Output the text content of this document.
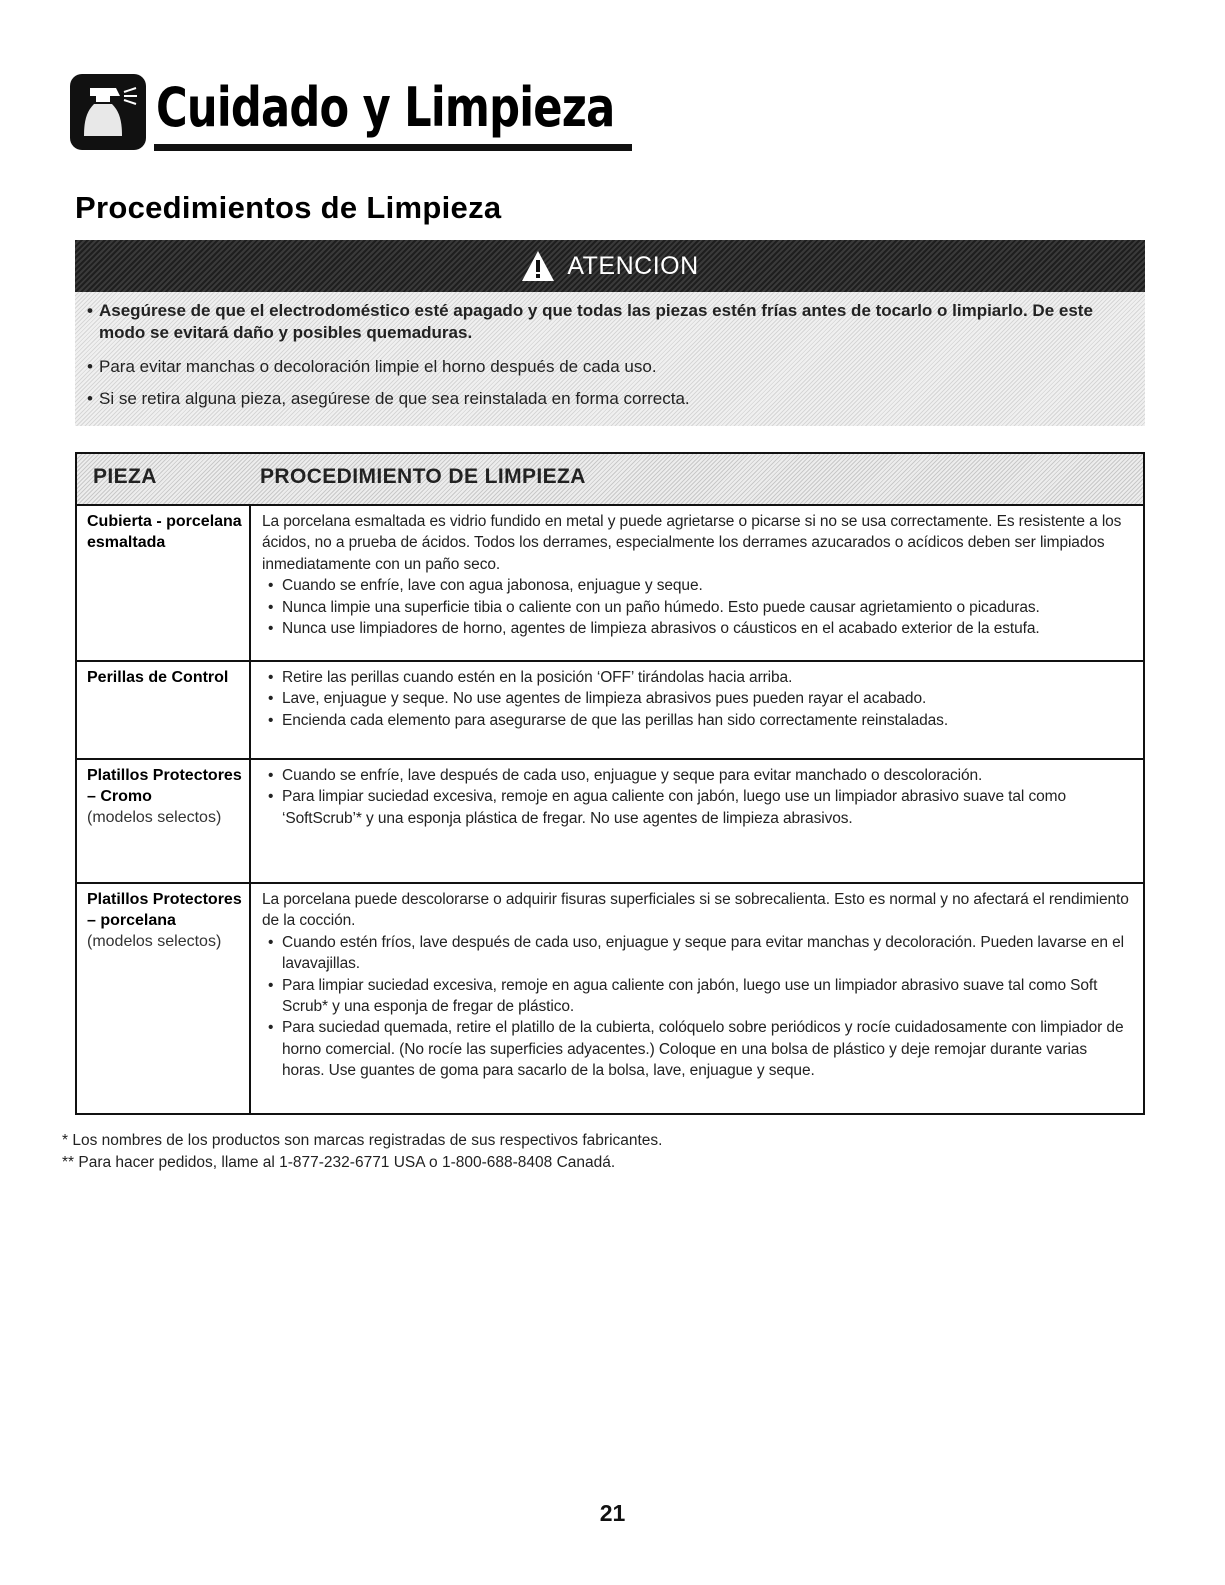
Cuidado y Limpieza
Procedimientos de Limpieza
ATENCION
• Asegúrese de que el electrodoméstico esté apagado y que todas las piezas estén frías antes de tocarlo o limpiarlo. De este modo se evitará daño y posibles quemaduras.
• Para evitar manchas o decoloración limpie el horno después de cada uso.
• Si se retira alguna pieza, asegúrese de que sea reinstalada en forma correcta.
PIEZA	PROCEDIMIENTO DE LIMPIEZA
Cubierta - porcelana esmaltada

La porcelana esmaltada es vidrio fundido en metal y puede agrietarse o picarse si no se usa correctamente. Es resistente a los ácidos, no a prueba de ácidos. Todos los derrames, especialmente los derrames azucarados o acídicos deben ser limpiados inmediatamente con un paño seco.

• Cuando se enfríe, lave con agua jabonosa, enjuague y seque.
• Nunca limpie una superficie tibia o caliente con un paño húmedo. Esto puede causar agrietamiento o picaduras.
• Nunca use limpiadores de horno, agentes de limpieza abrasivos o cáusticos en el acabado exterior de la estufa.
Perillas de Control
•	Retire las perillas cuando estén en la posición ‘OFF’ tirándolas hacia arriba.
• Lave, enjuague y seque. No use agentes de limpieza abrasivos pues pueden rayar el acabado.
• Encienda cada elemento para asegurarse de que las perillas han sido correctamente reinstaladas.
Platillos Protectores – Cromo
(modelos selectos)
• Cuando se enfríe, lave después de cada uso, enjuague y seque para evitar manchado o descoloración.
• Para limpiar suciedad excesiva, remoje en agua caliente con jabón, luego use un limpiador abrasivo suave tal como ‘SoftScrub’* y una esponja plástica de fregar. No use agentes de limpieza abrasivos.
Platillos Protectores – porcelana
(modelos selectos)

La porcelana puede descolorarse o adquirir fisuras superficiales si se sobrecalienta. Esto es normal y no afectará el rendimiento de la cocción.

• Cuando estén fríos, lave después de cada uso, enjuague y seque para evitar manchas y decoloración. Pueden lavarse en el lavavajillas.
• Para limpiar suciedad excesiva, remoje en agua caliente con jabón, luego use un limpiador abrasivo suave tal como Soft Scrub* y una esponja de fregar de plástico.
• Para suciedad quemada, retire el platillo de la cubierta, colóquelo sobre periódicos y rocíe cuidadosamente con limpiador de horno comercial. (No rocíe las superficies adyacentes.) Coloque en una bolsa de plástico y deje remojar durante varias horas. Use guantes de goma para sacarlo de la bolsa, lave, enjuague y seque.

* Los nombres de los productos son marcas registradas de sus respectivos fabricantes.

** Para hacer pedidos, llame al 1-877-232-6771 USA o 1-800-688-8408 Canadá.

21
